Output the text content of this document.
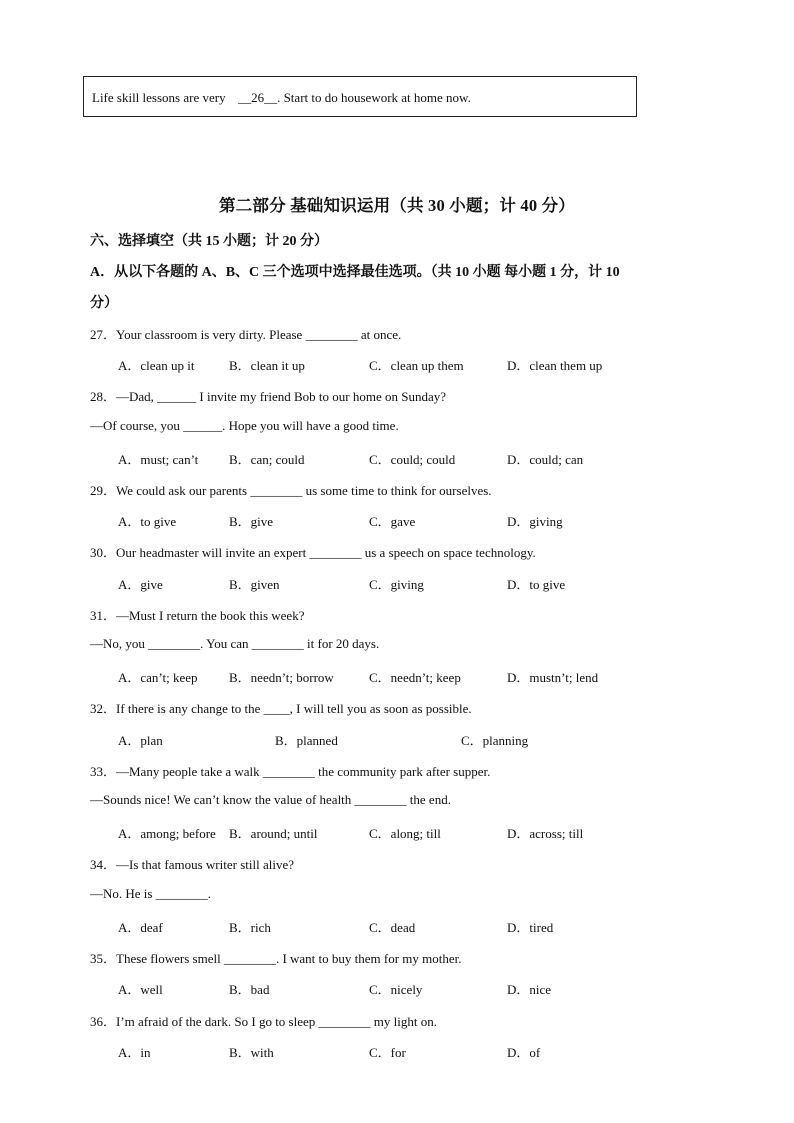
Life skill lessons are very __26__. Start to do housework at home now.
第二部分 基础知识运用（共 30 小题；计 40 分）
六、选择填空（共 15 小题；计 20 分）
A．从以下各题的 A、B、C 三个选项中选择最佳选项。（共 10 小题 每小题 1 分，计 10
分）
27．Your classroom is very dirty. Please ________ at once.
A．clean up it	B．clean it up	C．clean up them	D．clean them up
28．—Dad, ______ I invite my friend Bob to our home on Sunday?
—Of course, you ______. Hope you will have a good time.
A．must; can’t B．can; could	C．could; could	D．could; can
29．We could ask our parents ________ us some time to think for ourselves.
A．to give	B．give	C．gave	D．giving
30．Our headmaster will invite an expert ________ us a speech on space technology.
A．give	B．given	C．giving	D．to give
31．—Must I return the book this week?
—No, you ________. You can ________ it for 20 days.
A．can’t; keep B．needn’t; borrow	C．needn’t; keep	D．mustn’t; lend
32．If there is any change to the ____, I will tell you as soon as possible.
A．plan	B．planned	C．planning
33．—Many people take a walk ________ the community park after supper.
—Sounds nice! We can’t know the value of health ________ the end.
A．among; before B．around; until	C．along; till	D．across; till
34．—Is that famous writer still alive?
—No. He is ________.
A．deaf	B．rich	C．dead	D．tired
35．These flowers smell ________. I want to buy them for my mother.
A．well	B．bad	C．nicely	D．nice
36．I’m afraid of the dark. So I go to sleep ________ my light on.
A．in	B．with	C．for	D．of
